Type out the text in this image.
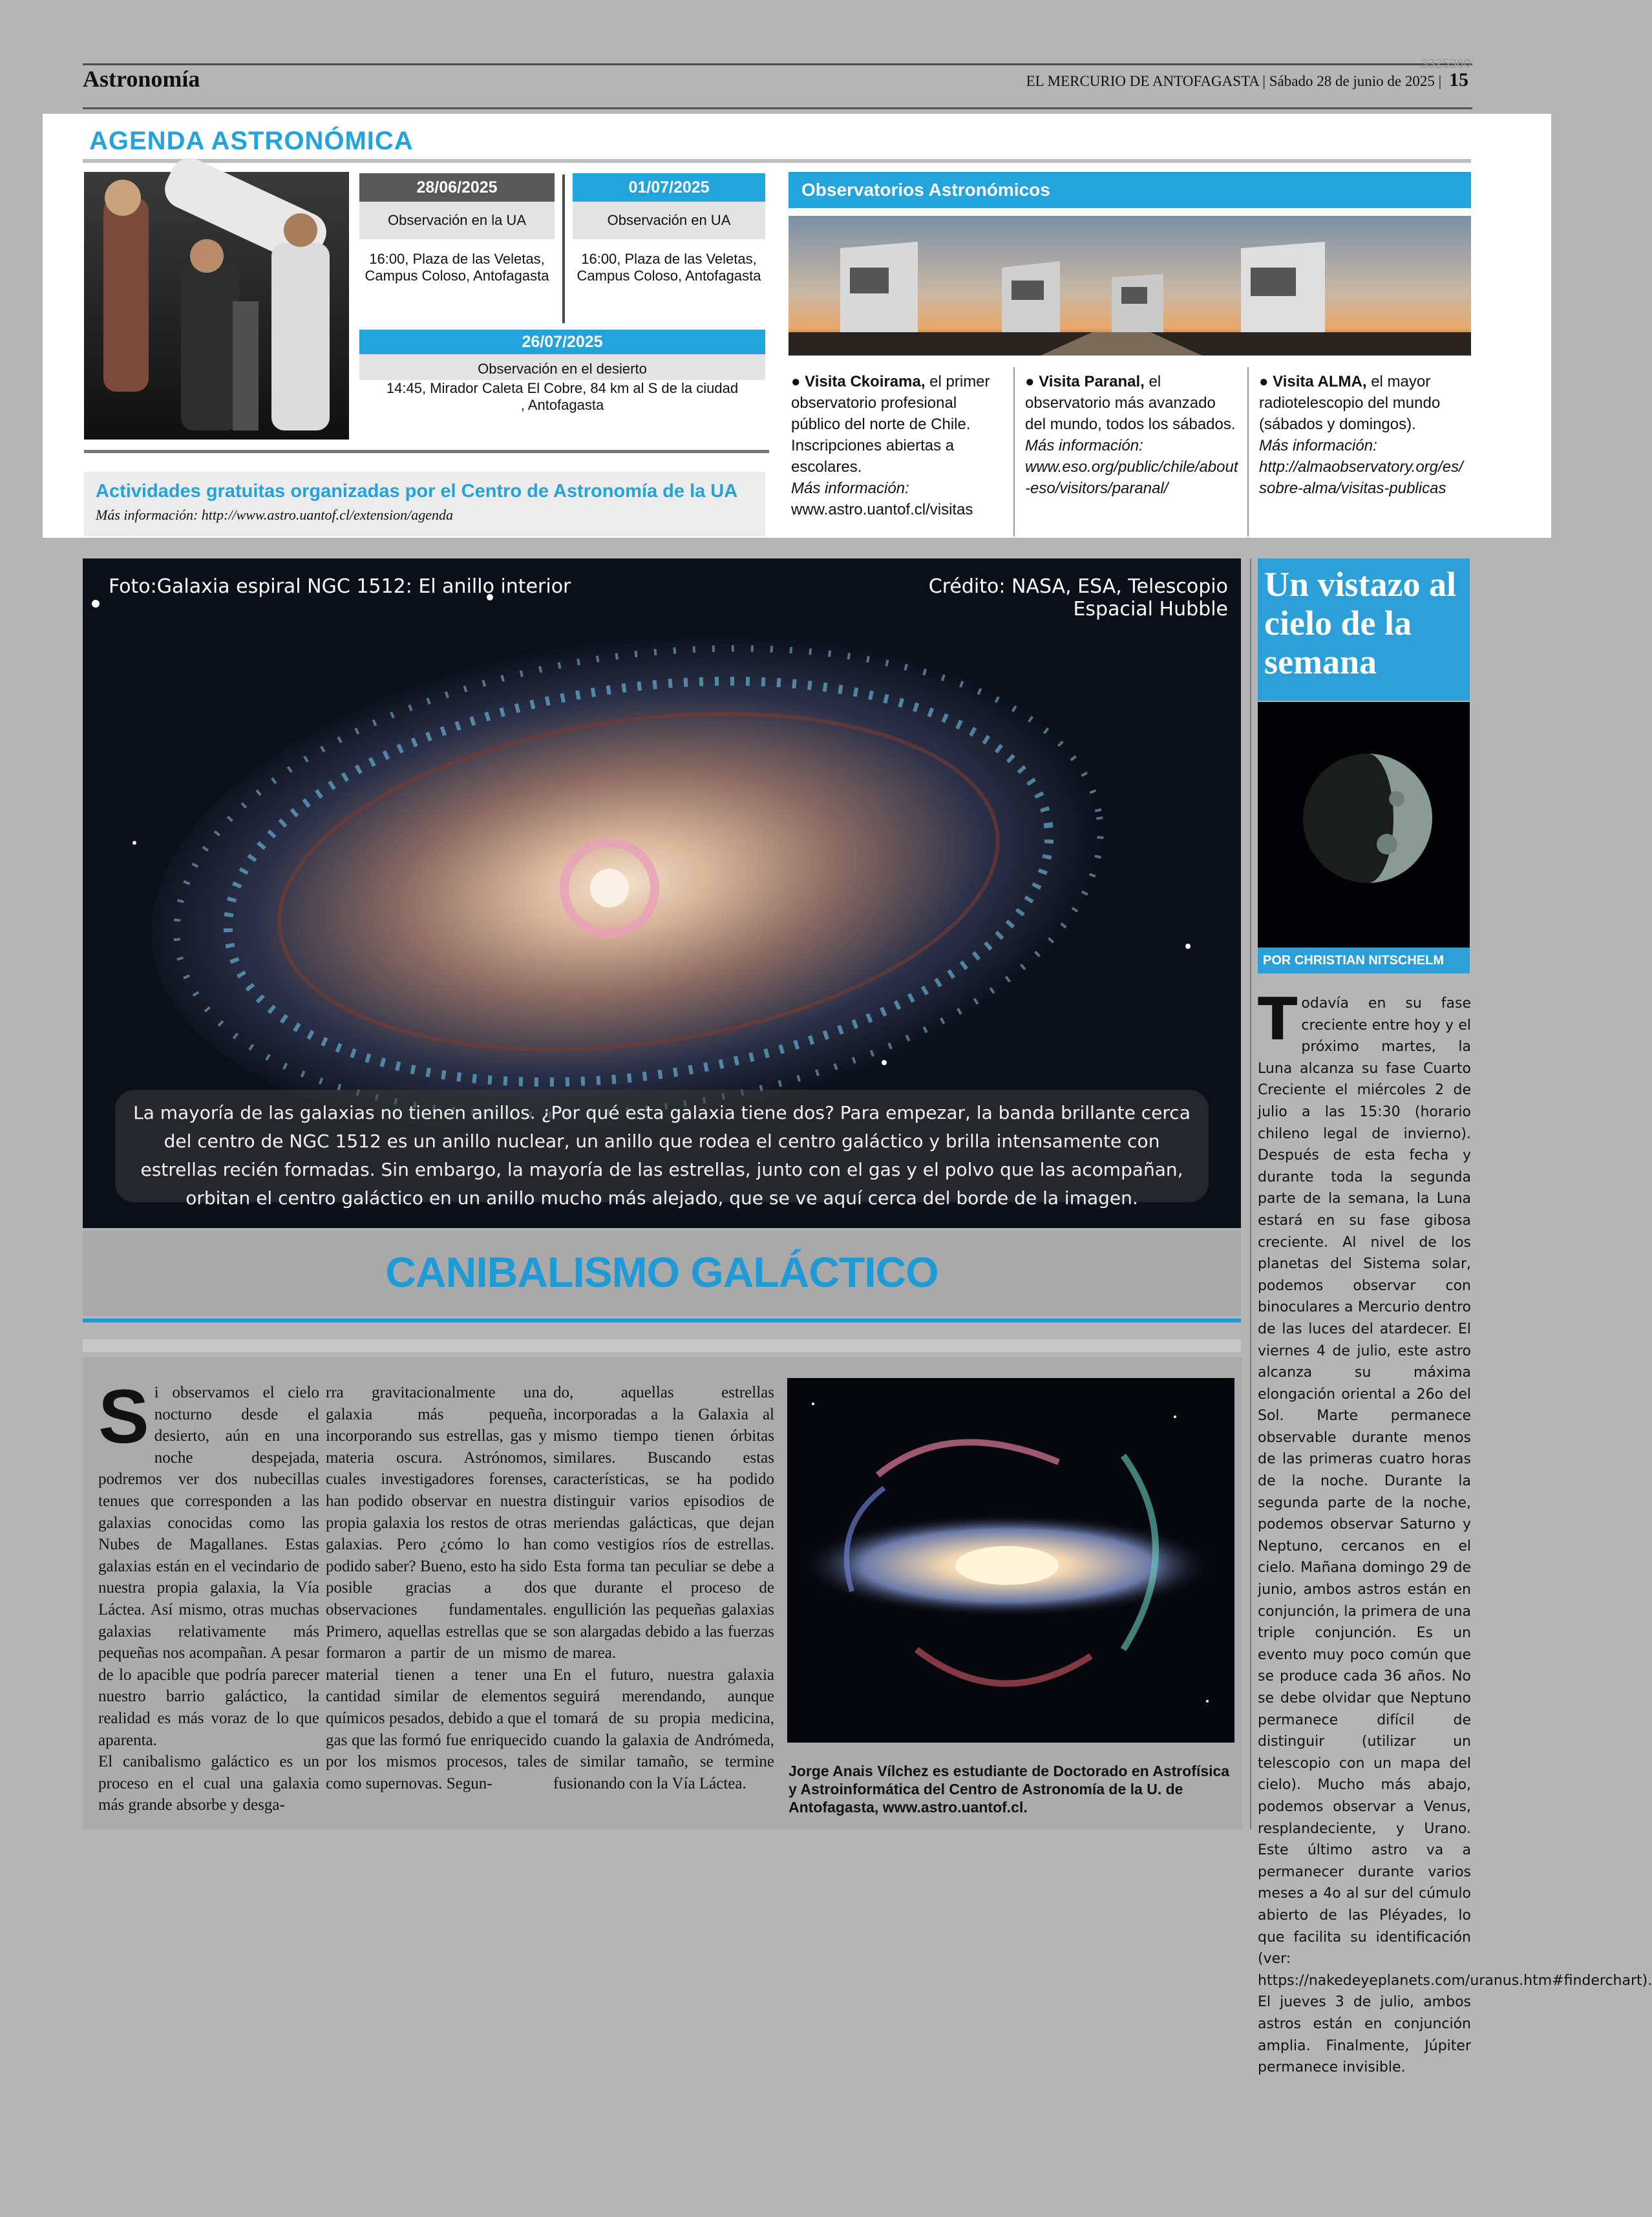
Astronomía
3325360
EL MERCURIO DE ANTOFAGASTA | Sábado 28 de junio de 2025 | 15
AGENDA ASTRONÓMICA
28/06/2025
Observación en la UA
16:00, Plaza de las Veletas, Campus Coloso, Antofagasta
01/07/2025
Observación en UA
16:00, Plaza de las Veletas, Campus Coloso, Antofagasta
26/07/2025
Observación en el desierto
14:45, Mirador Caleta El Cobre, 84 km al S de la ciudad , Antofagasta
Actividades gratuitas organizadas por el Centro de Astronomía de la UA
Más información: http://www.astro.uantof.cl/extension/agenda
Observatorios Astronómicos
● Visita Ckoirama, el primer observatorio profesional público del norte de Chile. Inscripciones abiertas a escolares.
Más información:
www.astro.uantof.cl/visitas
● Visita Paranal, el observatorio más avanzado del mundo, todos los sábados.
Más información:
www.eso.org/public/chile/about-eso/visitors/paranal/
● Visita ALMA, el mayor radiotelescopio del mundo (sábados y domingos).
Más información:
http://almaobservatory.org/es/sobre-alma/visitas-publicas
Foto:Galaxia espiral NGC 1512: El anillo interior	Crédito: NASA, ESA, Telescopio Espacial Hubble
La mayoría de las galaxias no tienen anillos. ¿Por qué esta galaxia tiene dos? Para empezar, la banda brillante cerca del centro de NGC 1512 es un anillo nuclear, un anillo que rodea el centro galáctico y brilla intensamente con estrellas recién formadas. Sin embargo, la mayoría de las estrellas, junto con el gas y el polvo que las acompañan, orbitan el centro galáctico en un anillo mucho más alejado, que se ve aquí cerca del borde de la imagen.
CANIBALISMO GALÁCTICO
Si observamos el cielo nocturno desde el desierto, aún en una noche despejada, podremos ver dos nubecillas tenues que corresponden a las galaxias conocidas como las Nubes de Magallanes. Estas galaxias están en el vecindario de nuestra propia galaxia, la Vía Láctea. Así mismo, otras muchas galaxias relativamente más pequeñas nos acompañan. A pesar de lo apacible que podría parecer nuestro barrio galáctico, la realidad es más voraz de lo que aparenta.
El canibalismo galáctico es un proceso en el cual una galaxia más grande absorbe y desga-
rra gravitacionalmente una galaxia más pequeña, incorporando sus estrellas, gas y materia oscura. Astrónomos, cuales investigadores forenses, han podido observar en nuestra propia galaxia los restos de otras galaxias. Pero ¿cómo lo han podido saber? Bueno, esto ha sido posible gracias a dos observaciones fundamentales. Primero, aquellas estrellas que se formaron a partir de un mismo material tienen a tener una cantidad similar de elementos químicos pesados, debido a que el gas que las formó fue enriquecido por los mismos procesos, tales como supernovas. Segun-
do, aquellas estrellas incorporadas a la Galaxia al mismo tiempo tienen órbitas similares. Buscando estas características, se ha podido distinguir varios episodios de meriendas galácticas, que dejan como vestigios ríos de estrellas. Esta forma tan peculiar se debe a que durante el proceso de engullición las pequeñas galaxias son alargadas debido a las fuerzas de marea.
En el futuro, nuestra galaxia seguirá merendando, aunque tomará de su propia medicina, cuando la galaxia de Andrómeda, de similar tamaño, se termine fusionando con la Vía Láctea.
Jorge Anais Vílchez es estudiante de Doctorado en Astrofísica y Astroinformática del Centro de Astronomía de la U. de Antofagasta, www.astro.uantof.cl.
Un vistazo al cielo de la semana
POR CHRISTIAN NITSCHELM
Todavía en su fase creciente entre hoy y el próximo martes, la Luna alcanza su fase Cuarto Creciente el miércoles 2 de julio a las 15:30 (horario chileno legal de invierno). Después de esta fecha y durante toda la segunda parte de la semana, la Luna estará en su fase gibosa creciente. Al nivel de los planetas del Sistema solar, podemos observar con binoculares a Mercurio dentro de las luces del atardecer. El viernes 4 de julio, este astro alcanza su máxima elongación oriental a 26o del Sol. Marte permanece observable durante menos de las primeras cuatro horas de la noche. Durante la segunda parte de la noche, podemos observar Saturno y Neptuno, cercanos en el cielo. Mañana domingo 29 de junio, ambos astros están en conjunción, la primera de una triple conjunción. Es un evento muy poco común que se produce cada 36 años. No se debe olvidar que Neptuno permanece difícil de distinguir (utilizar un telescopio con un mapa del cielo). Mucho más abajo, podemos observar a Venus, resplandeciente, y Urano. Este último astro va a permanecer durante varios meses a 4o al sur del cúmulo abierto de las Pléyades, lo que facilita su identificación (ver: https://nakedeyeplanets.com/uranus.htm#finderchart). El jueves 3 de julio, ambos astros están en conjunción amplia. Finalmente, Júpiter permanece invisible.
